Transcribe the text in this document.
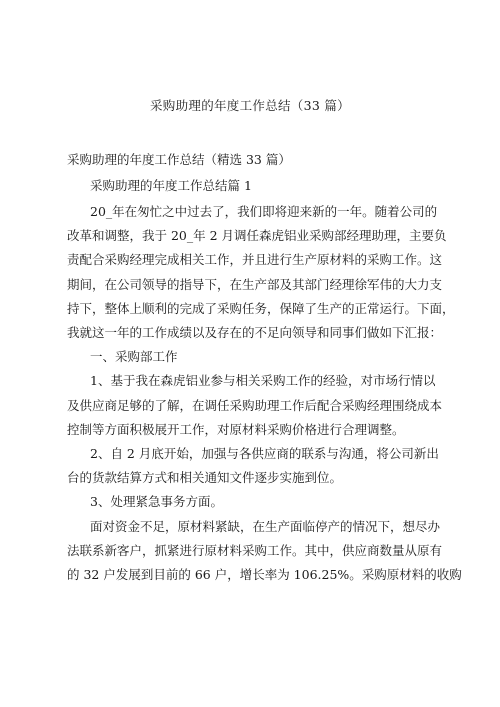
采购助理的年度工作总结（33 篇）
采购助理的年度工作总结（精选 33 篇）
采购助理的年度工作总结篇 1

20_年在匆忙之中过去了，我们即将迎来新的一年。随着公司的
改革和调整，我于 20_年 2 月调任森虎铝业采购部经理助理，主要负
责配合采购经理完成相关工作，并且进行生产原材料的采购工作。这
期间，在公司领导的指导下，在生产部及其部门经理徐军伟的大力支
持下，整体上顺利的完成了采购任务，保障了生产的正常运行。下面，
我就这一年的工作成绩以及存在的不足向领导和同事们做如下汇报：

一、采购部工作

1、基于我在森虎铝业参与相关采购工作的经验，对市场行情以
及供应商足够的了解，在调任采购助理工作后配合采购经理围绕成本
控制等方面积极展开工作，对原材料采购价格进行合理调整。

2、自 2 月底开始，加强与各供应商的联系与沟通，将公司新出
台的货款结算方式和相关通知文件逐步实施到位。

3、处理紧急事务方面。

面对资金不足，原材料紧缺，在生产面临停产的情况下，想尽办
法联系新客户，抓紧进行原材料采购工作。其中，供应商数量从原有
的 32 户发展到目前的 66 户，增长率为 106.25%。采购原材料的收购
